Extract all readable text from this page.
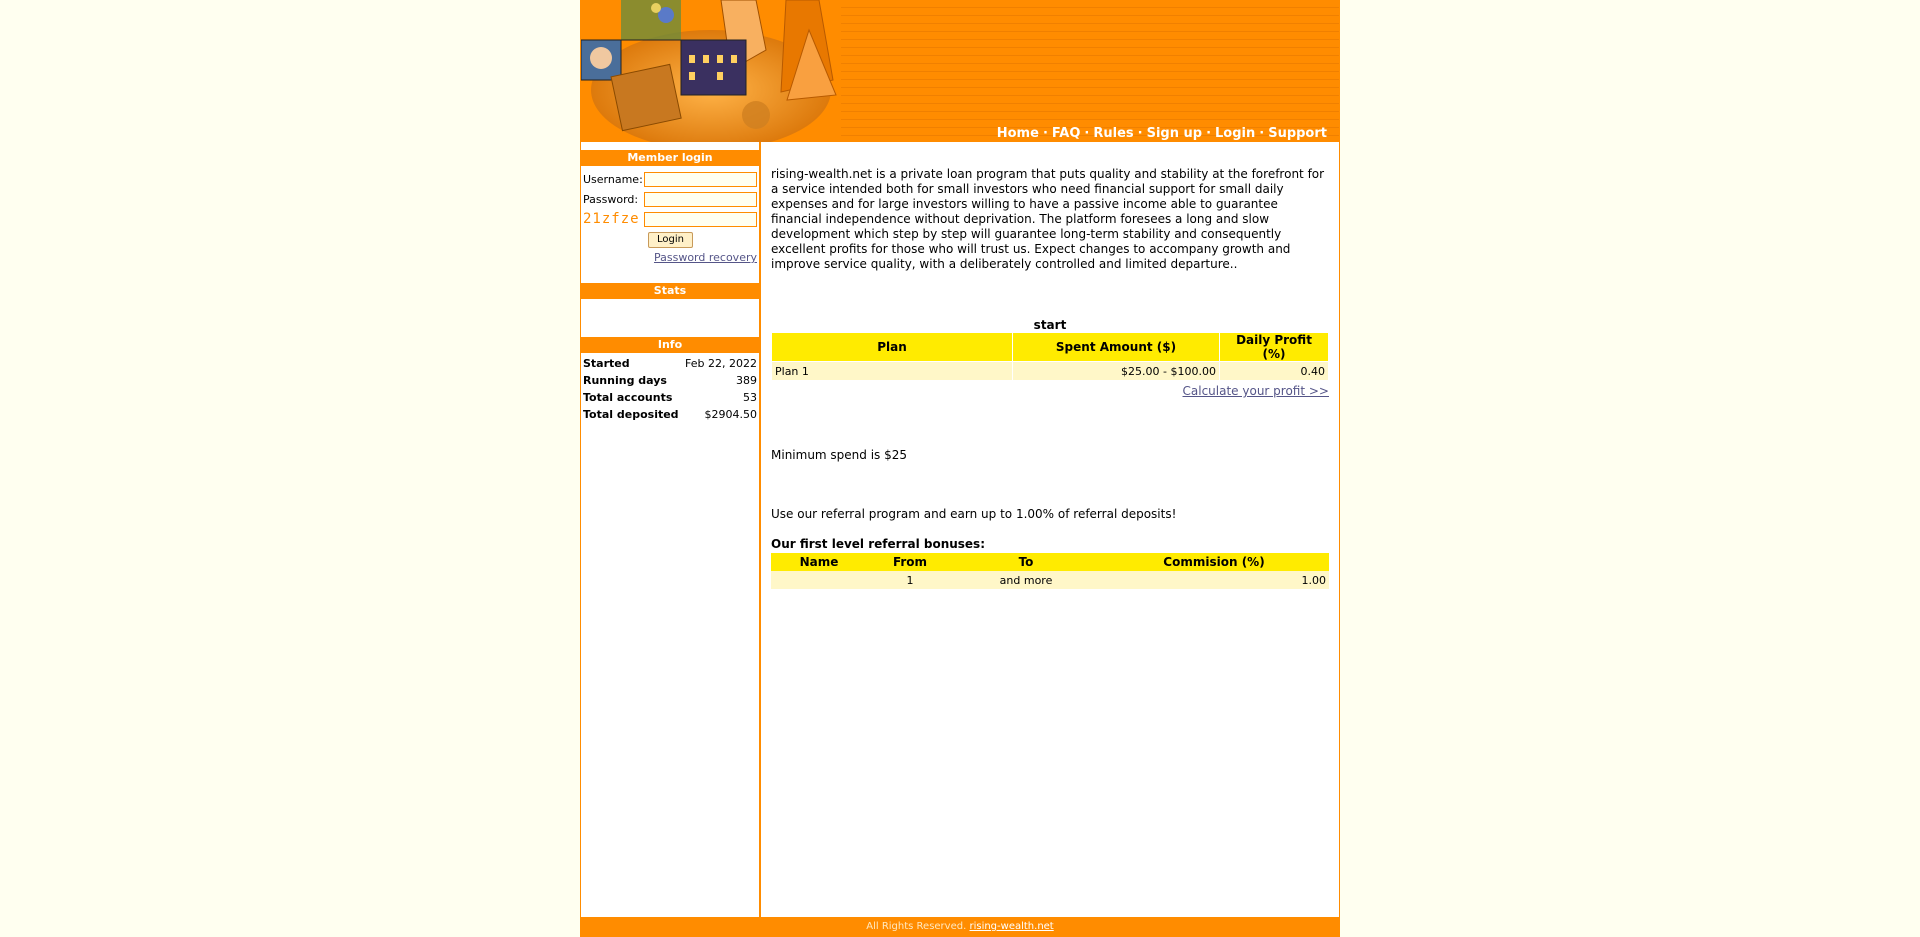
Home · FAQ · Rules · Sign up · Login · Support
Member login
Username:
Password:
21zfze
Login
Password recovery
Stats
Info
Started	Feb 22, 2022
Running days	389
Total accounts	53
Total deposited	$2904.50
rising-wealth.net is a private loan program that puts quality and stability at the forefront for a service intended both for small investors who need financial support for small daily expenses and for large investors willing to have a passive income able to guarantee financial independence without deprivation. The platform foresees a long and slow development which step by step will guarantee long-term stability and consequently excellent profits for those who will trust us. Expect changes to accompany growth and improve service quality, with a deliberately controlled and limited departure..
start
Plan	Spent Amount ($)	Daily Profit (%)
Plan 1	$25.00 - $100.00	0.40
Calculate your profit >>
Minimum spend is $25
Use our referral program and earn up to 1.00% of referral deposits!
Our first level referral bonuses:
Name	From	To	Commision (%)
	1	and more	1.00
All Rights Reserved. rising-wealth.net
